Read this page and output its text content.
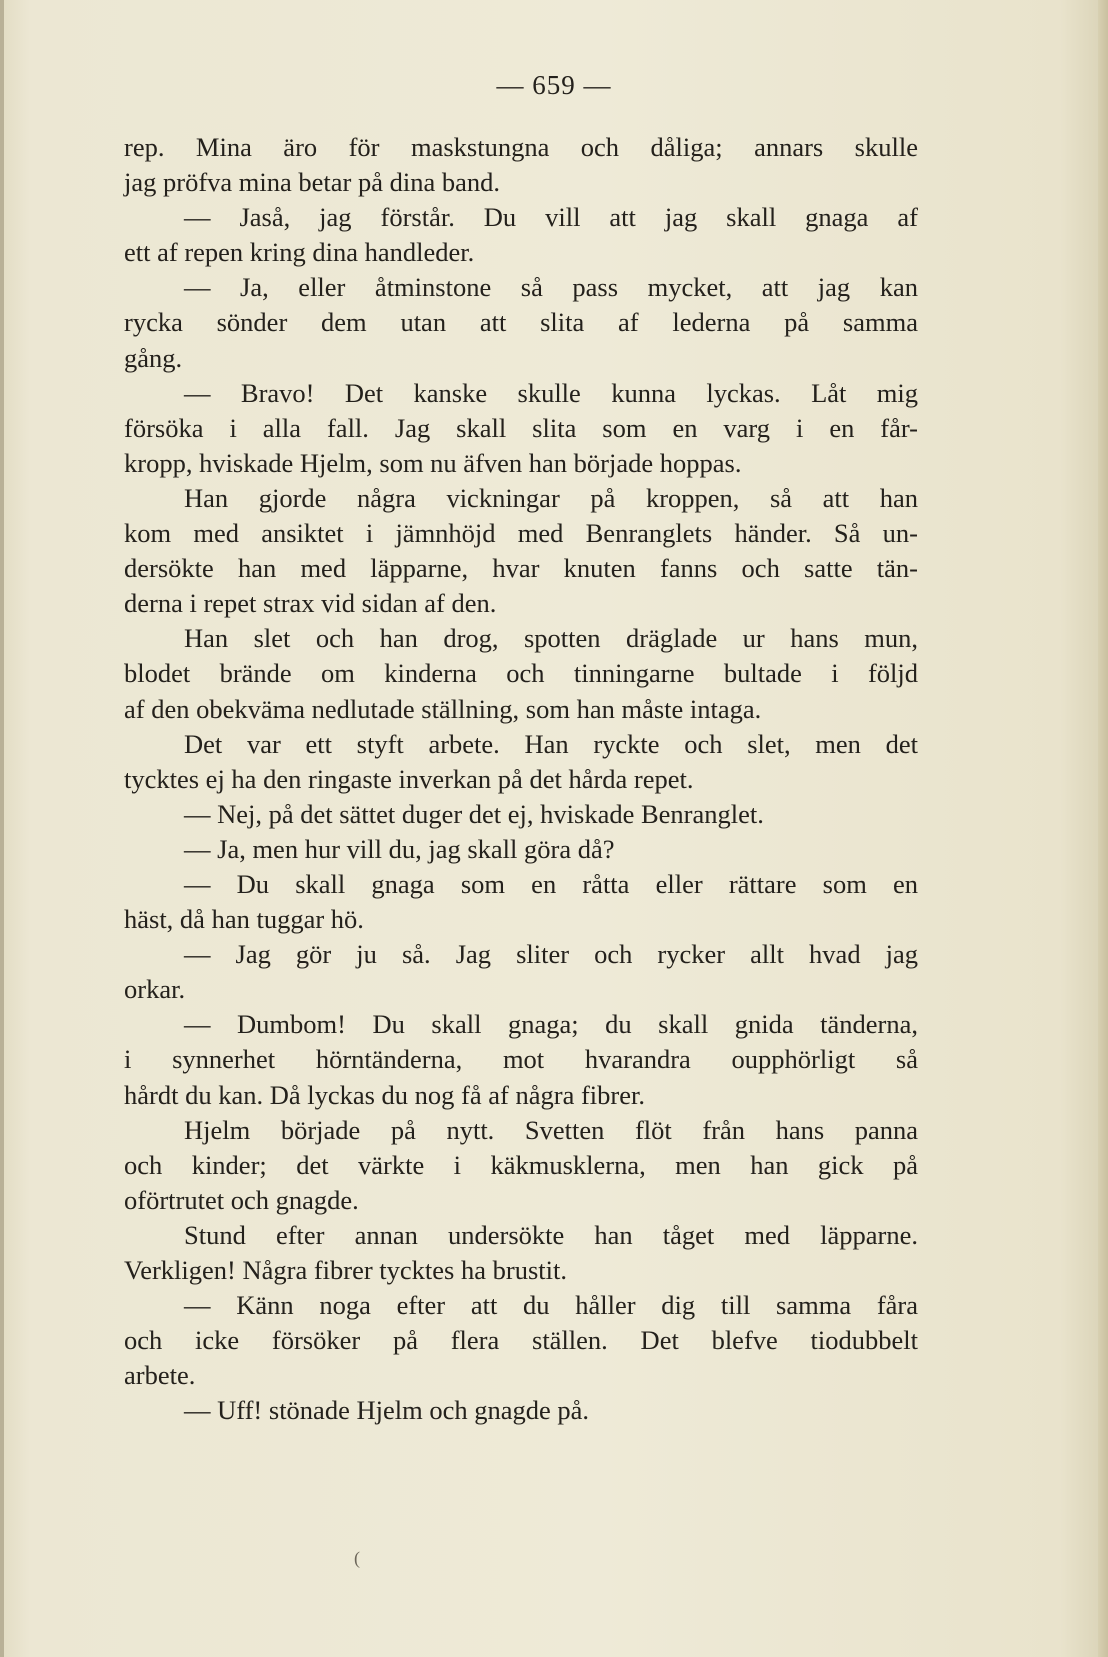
— 659 —
rep. Mina äro för maskstungna och dåliga; annars skulle
jag pröfva mina betar på dina band.
— Jaså, jag förstår. Du vill att jag skall gnaga af
ett af repen kring dina handleder.
— Ja, eller åtminstone så pass mycket, att jag kan
rycka sönder dem utan att slita af lederna på samma
gång.
— Bravo! Det kanske skulle kunna lyckas. Låt mig
försöka i alla fall. Jag skall slita som en varg i en får-
kropp, hviskade Hjelm, som nu äfven han började hoppas.
Han gjorde några vickningar på kroppen, så att han
kom med ansiktet i jämnhöjd med Benranglets händer. Så un-
dersökte han med läpparne, hvar knuten fanns och satte tän-
derna i repet strax vid sidan af den.
Han slet och han drog, spotten dräglade ur hans mun,
blodet brände om kinderna och tinningarne bultade i följd
af den obekväma nedlutade ställning, som han måste intaga.
Det var ett styft arbete. Han ryckte och slet, men det
tycktes ej ha den ringaste inverkan på det hårda repet.
— Nej, på det sättet duger det ej, hviskade Benranglet.
— Ja, men hur vill du, jag skall göra då?
— Du skall gnaga som en råtta eller rättare som en
häst, då han tuggar hö.
— Jag gör ju så. Jag sliter och rycker allt hvad jag
orkar.
— Dumbom! Du skall gnaga; du skall gnida tänderna,
i synnerhet hörntänderna, mot hvarandra oupphörligt så
hårdt du kan. Då lyckas du nog få af några fibrer.
Hjelm började på nytt. Svetten flöt från hans panna
och kinder; det värkte i käkmusklerna, men han gick på
oförtrutet och gnagde.
Stund efter annan undersökte han tåget med läpparne.
Verkligen! Några fibrer tycktes ha brustit.
— Känn noga efter att du håller dig till samma fåra
och icke försöker på flera ställen. Det blefve tiodubbelt
arbete.
— Uff! stönade Hjelm och gnagde på.
(
